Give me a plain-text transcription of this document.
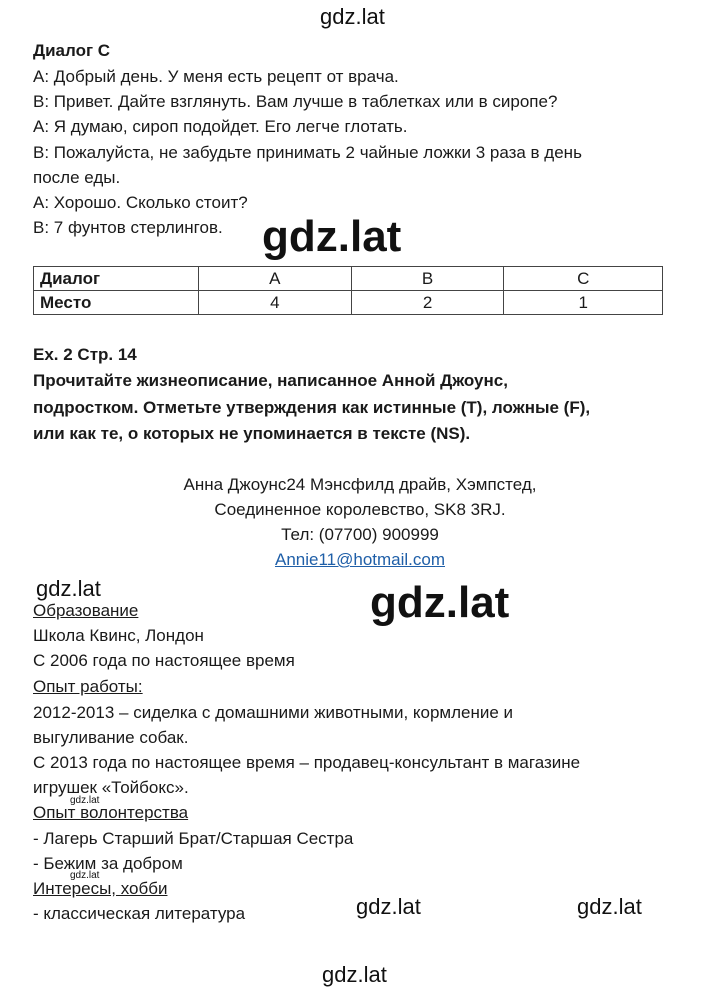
gdz.lat
Диалог С
А: Добрый день. У меня есть рецепт от врача.
В: Привет. Дайте взглянуть. Вам лучше в таблетках или в сиропе?
А: Я думаю, сироп подойдет. Его легче глотать.
В: Пожалуйста, не забудьте принимать 2 чайные ложки 3 раза в день
после еды.
А: Хорошо. Сколько стоит?
В: 7 фунтов стерлингов. gdz.lat
Диалог	A	B	C
Место	4	2	1
Ex. 2 Стр. 14
Прочитайте жизнеописание, написанное Анной Джоунс,
подростком. Отметьте утверждения как истинные (T), ложные (F),
или как те, о которых не упоминается в тексте (NS).
Анна Джоунс24 Мэнсфилд драйв, Хэмпстед,
Соединенное королевство, SK8 3RJ.
Тел: (07700) 900999
Annie11@hotmail.com
gdz.lat	gdz.lat
Образование
Школа Квинс, Лондон
С 2006 года по настоящее время
Опыт работы:
2012-2013 – сиделка с домашними животными, кормление и
выгуливание собак.
С 2013 года по настоящее время – продавец-консультант в магазине
игрушек «Тойбокс».
gdz.lat
Опыт волонтерства
- Лагерь Старший Брат/Старшая Сестра
- Бежим за добром
gdz.lat
Интересы, хобби
- классическая литература	gdz.lat	gdz.lat
gdz.lat
